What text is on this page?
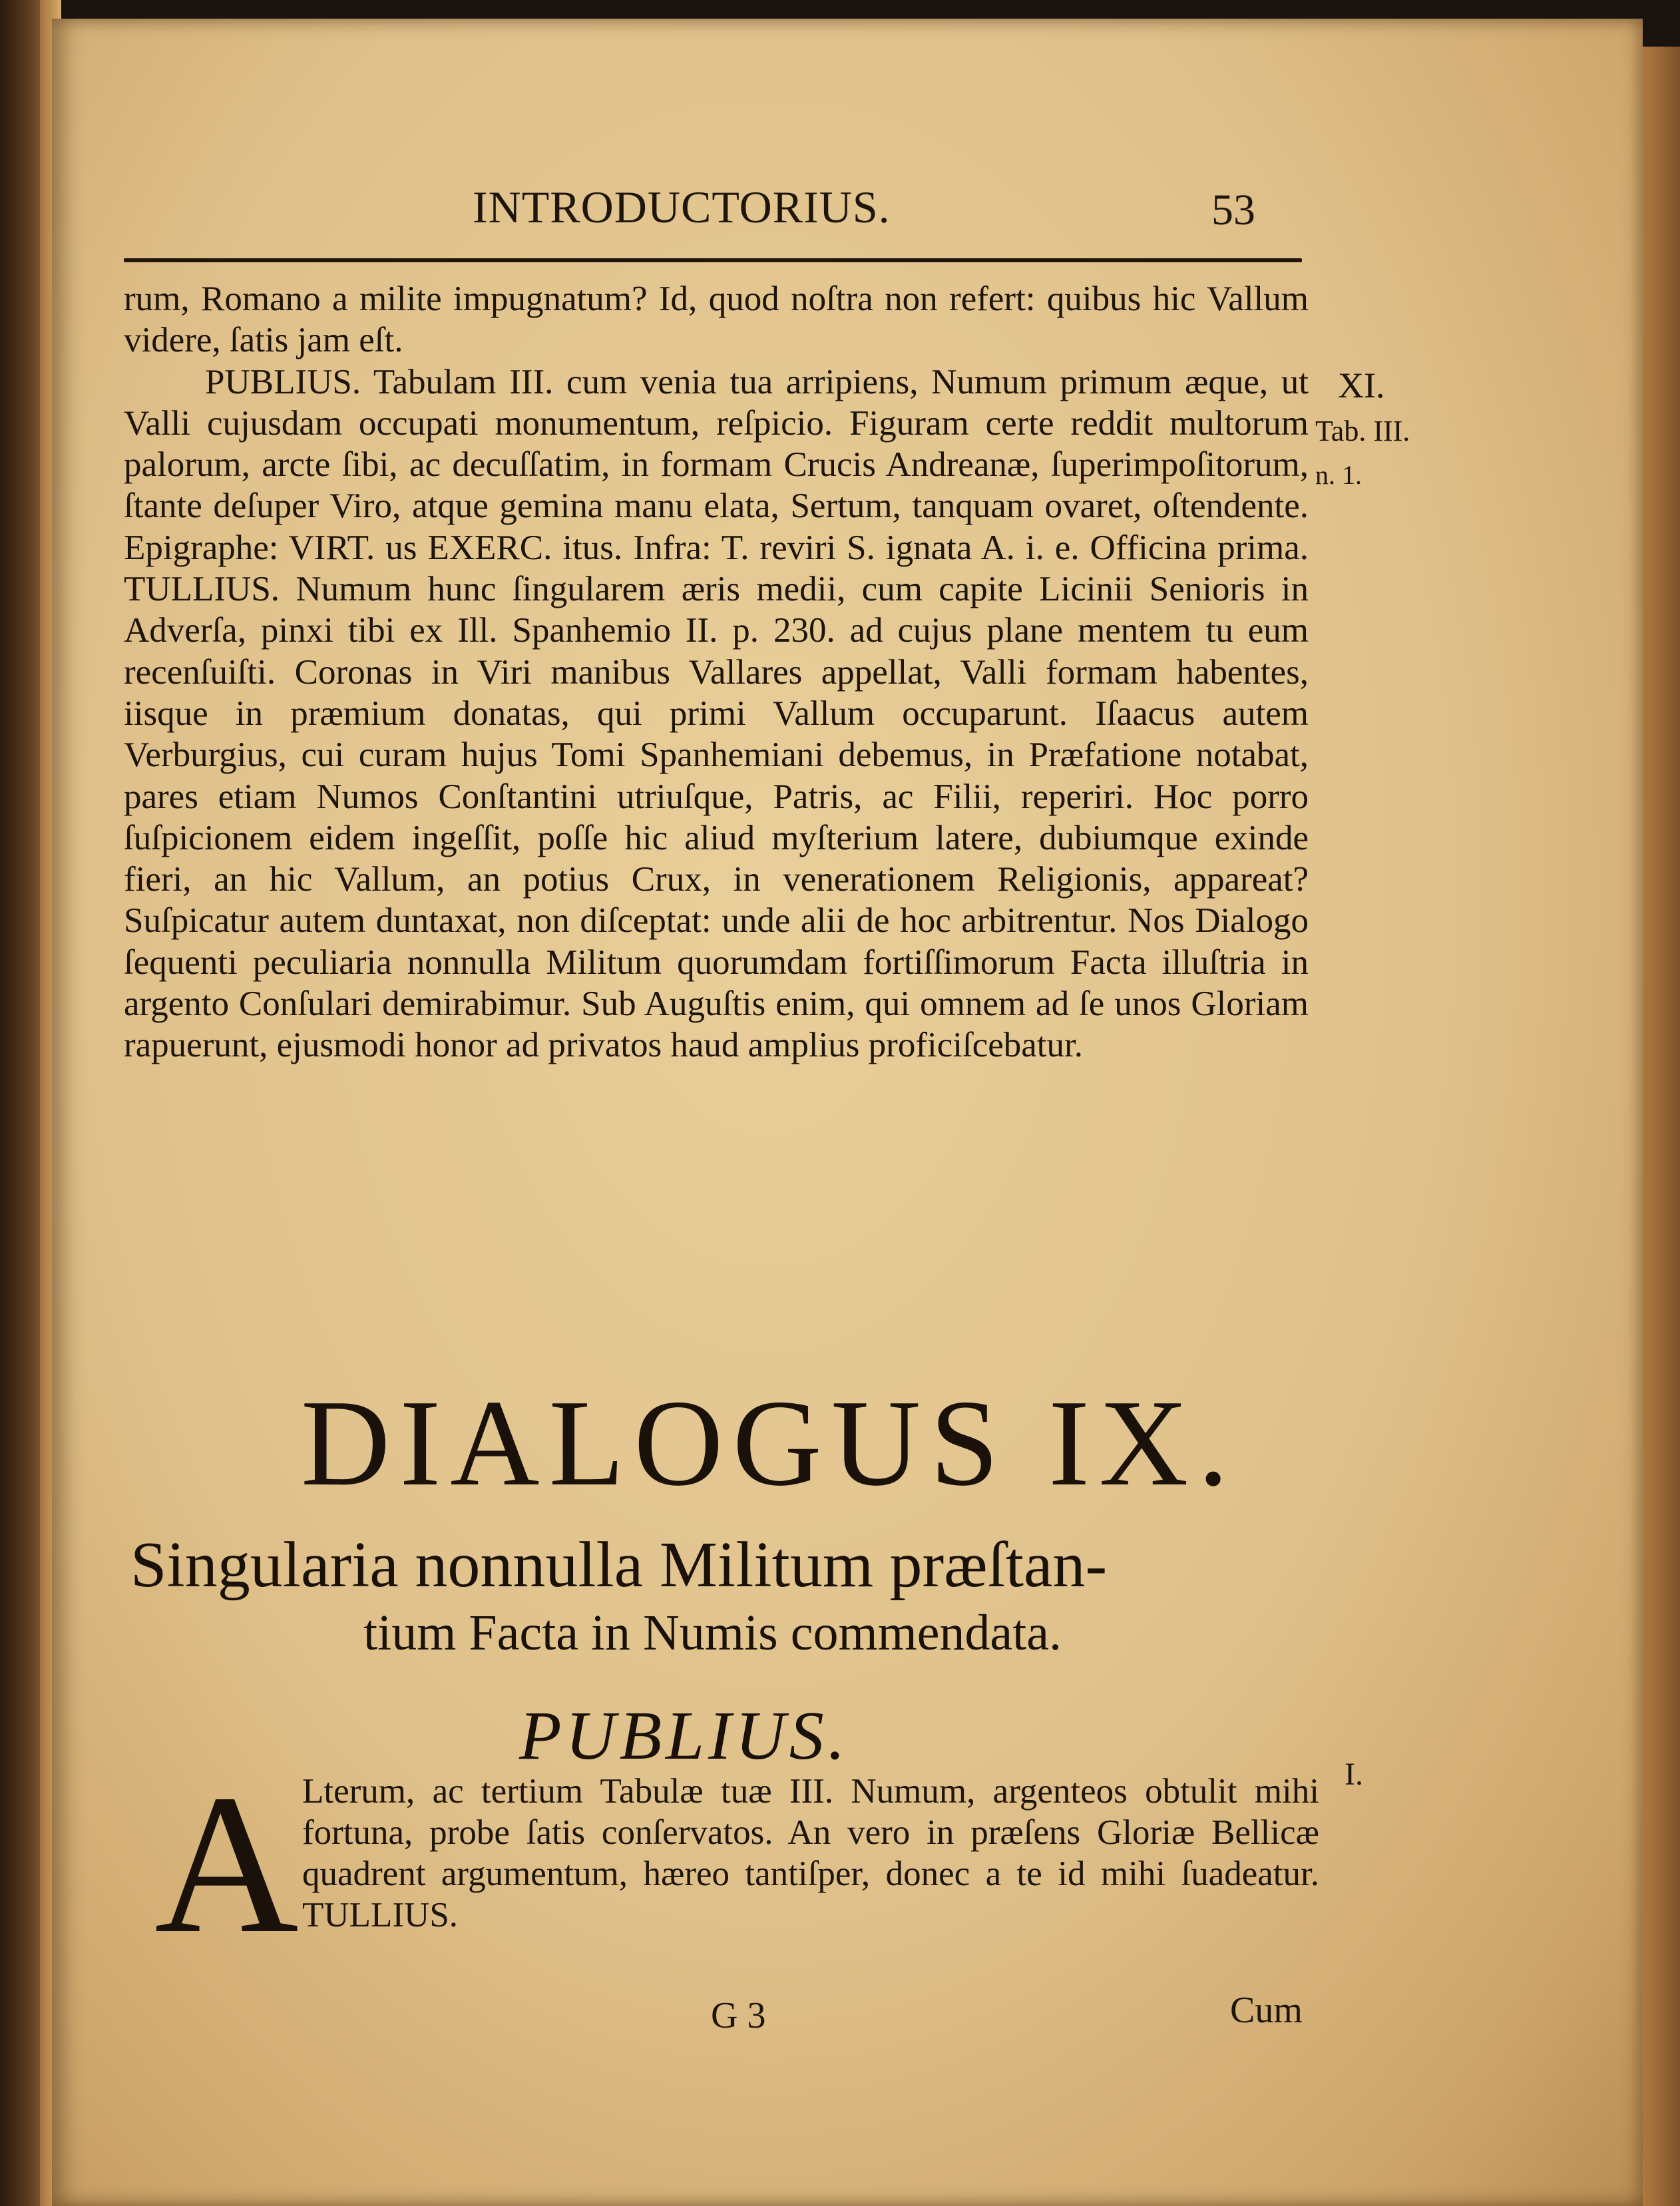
INTRODUCTORIUS.	53

rum, Romano a milite impugnatum? Id, quod noſtra non refert: quibus hic Vallum videre, ſatis jam eſt.

PUBLIUS. Tabulam III. cum venia tua arripiens, Numum primum æque, ut Valli cujusdam occupati monumentum, reſpicio. Figuram certe reddit multorum palorum, arcte ſibi, ac decuſſatim, in formam Crucis Andreanæ, ſuperimpoſitorum, ſtante deſuper Viro, atque gemina manu elata, Sertum, tanquam ovaret, oſtendente. Epigraphe: VIRT. us EXERC. itus. Infra: T. reviri S. ignata A. i. e. Officina prima. TULLIUS. Numum hunc ſingularem æris medii, cum capite Licinii Senioris in Adverſa, pinxi tibi ex Ill. Spanhemio II. p. 230. ad cujus plane mentem tu eum recenſuiſti. Coronas in Viri manibus Vallares appellat, Valli formam habentes, iisque in præmium donatas, qui primi Vallum occuparunt. Iſaacus autem Verburgius, cui curam hujus Tomi Spanhemiani debemus, in Præfatione notabat, pares etiam Numos Conſtantini utriuſque, Patris, ac Filii, reperiri. Hoc porro ſuſpicionem eidem ingeſſit, poſſe hic aliud myſterium latere, dubiumque exinde fieri, an hic Vallum, an potius Crux, in venerationem Religionis, appareat? Suſpicatur autem duntaxat, non diſceptat: unde alii de hoc arbitrentur. Nos Dialogo ſequenti peculiaria nonnulla Militum quorumdam fortiſſimorum Facta illuſtria in argento Conſulari demirabimur. Sub Auguſtis enim, qui omnem ad ſe unos Gloriam rapuerunt, ejusmodi honor ad privatos haud amplius proficiſcebatur.

XI.
Tab. III.
n. 1.
DIALOGUS IX.
Singularia nonnulla Militum præſtan-
tium Facta in Numis commendata.
PUBLIUS.
A Lterum, ac tertium Tabulæ tuæ III. Numum, argenteos obtulit mihi fortuna, probe ſatis conſervatos. An vero in præſens Gloriæ Bellicæ quadrent argumentum, hæreo tantiſper, donec a te id mihi ſuadeatur. TULLIUS.

I.
G 3	Cum
